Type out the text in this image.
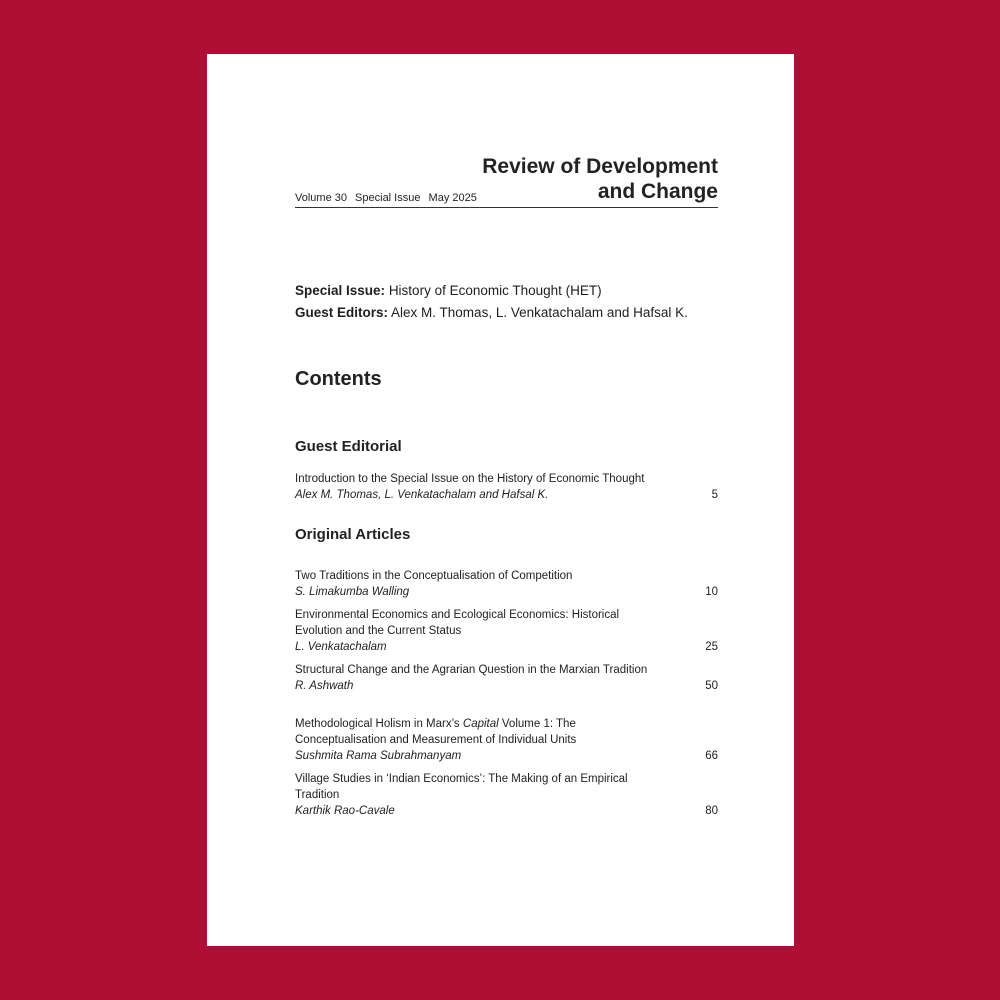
Review of Development
and Change
Volume 30 Special Issue May 2025
Special Issue: History of Economic Thought (HET)
Guest Editors: Alex M. Thomas, L. Venkatachalam and Hafsal K.
Contents
Guest Editorial
Introduction to the Special Issue on the History of Economic Thought
Alex M. Thomas, L. Venkatachalam and Hafsal K.	5
Original Articles
Two Traditions in the Conceptualisation of Competition
S. Limakumba Walling	10
Environmental Economics and Ecological Economics: Historical Evolution and the Current Status
L. Venkatachalam	25
Structural Change and the Agrarian Question in the Marxian Tradition
R. Ashwath	50
Methodological Holism in Marx’s Capital Volume 1: The Conceptualisation and Measurement of Individual Units
Sushmita Rama Subrahmanyam	66
Village Studies in ‘Indian Economics’: The Making of an Empirical Tradition
Karthik Rao-Cavale	80
